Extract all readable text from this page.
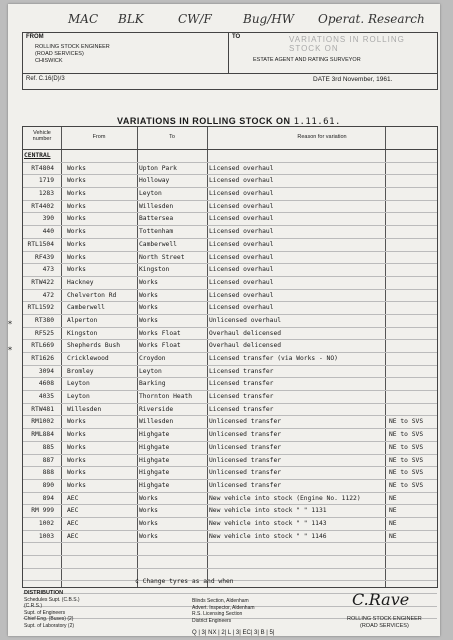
MAC BLK	CW/F	Bug/HW Operat. Research
FROM
ROLLING STOCK ENGINEER
(ROAD SERVICES)
CHISWICK
TO	VARIATIONS IN ROLLING STOCK ON
ESTATE AGENT AND RATING SURVEYOR
Ref. C.16(D)/3	DATE 3rd November, 1961.
VARIATIONS IN ROLLING STOCK ON 1.11.61.
Vehicle number	From	To	Reason for variation
CENTRAL
RT4804 Works	Upton Park	Licensed overhaul
1719 Works	Holloway	Licensed overhaul
1283 Works	Leyton	Licensed overhaul
RT4402 Works	Willesden	Licensed overhaul
390 Works	Battersea	Licensed overhaul
440 Works	Tottenham	Licensed overhaul
RTL1504 Works	Camberwell	Licensed overhaul
RF439 Works	North Street	Licensed overhaul
473 Works	Kingston	Licensed overhaul
RTW422 Hackney	Works	Licensed overhaul
472 Chelverton Rd	Works	Licensed overhaul
RTL1592 Camberwell	Works	Licensed overhaul
RT380 Alperton	Works	Unlicensed overhaul
RF525 Kingston	Works Float	Overhaul delicensed
RTL669 Shepherds Bush	Works Float	Overhaul delicensed
RT1626 Cricklewood	Croydon	Licensed transfer (via Works - NO)
3094 Bromley	Leyton	Licensed transfer
4608 Leyton	Barking	Licensed transfer
4035 Leyton	Thornton Heath	Licensed transfer
RTW481 Willesden	Riverside	Licensed transfer
RM1002 Works	Willesden	Unlicensed transfer	NE to SVS
RML884 Works	Highgate	Unlicensed transfer	NE to SVS
885 Works	Highgate	Unlicensed transfer	NE to SVS
887 Works	Highgate	Unlicensed transfer	NE to SVS
888 Works	Highgate	Unlicensed transfer	NE to SVS
890 Works	Highgate	Unlicensed transfer	NE to SVS
894 AEC	Works	New vehicle into stock (Engine No. 1122)	NE
RM 999 AEC	Works	New vehicle into stock " " 1131	NE
1002 AEC	Works	New vehicle into stock " " 1143	NE
1003 AEC	Works	New vehicle into stock " " 1146	NE
¢ Change tyres as and when
*
*
DISTRIBUTION
Schedules Supt. (C.B.S.)
(C.R.S.)
Supt. of Engineers
Chief Eng. (Buses) (2)
Supt. of Laboratory (2)
Blinds Section, Aldenham
Advert. Inspector, Aldenham
R.S. Licensing Section
District Engineers
Q | 3| NX | 2| L | 3| EC| 3| B | 5|
C.Rave
ROLLING STOCK ENGINEER
(ROAD SERVICES)
